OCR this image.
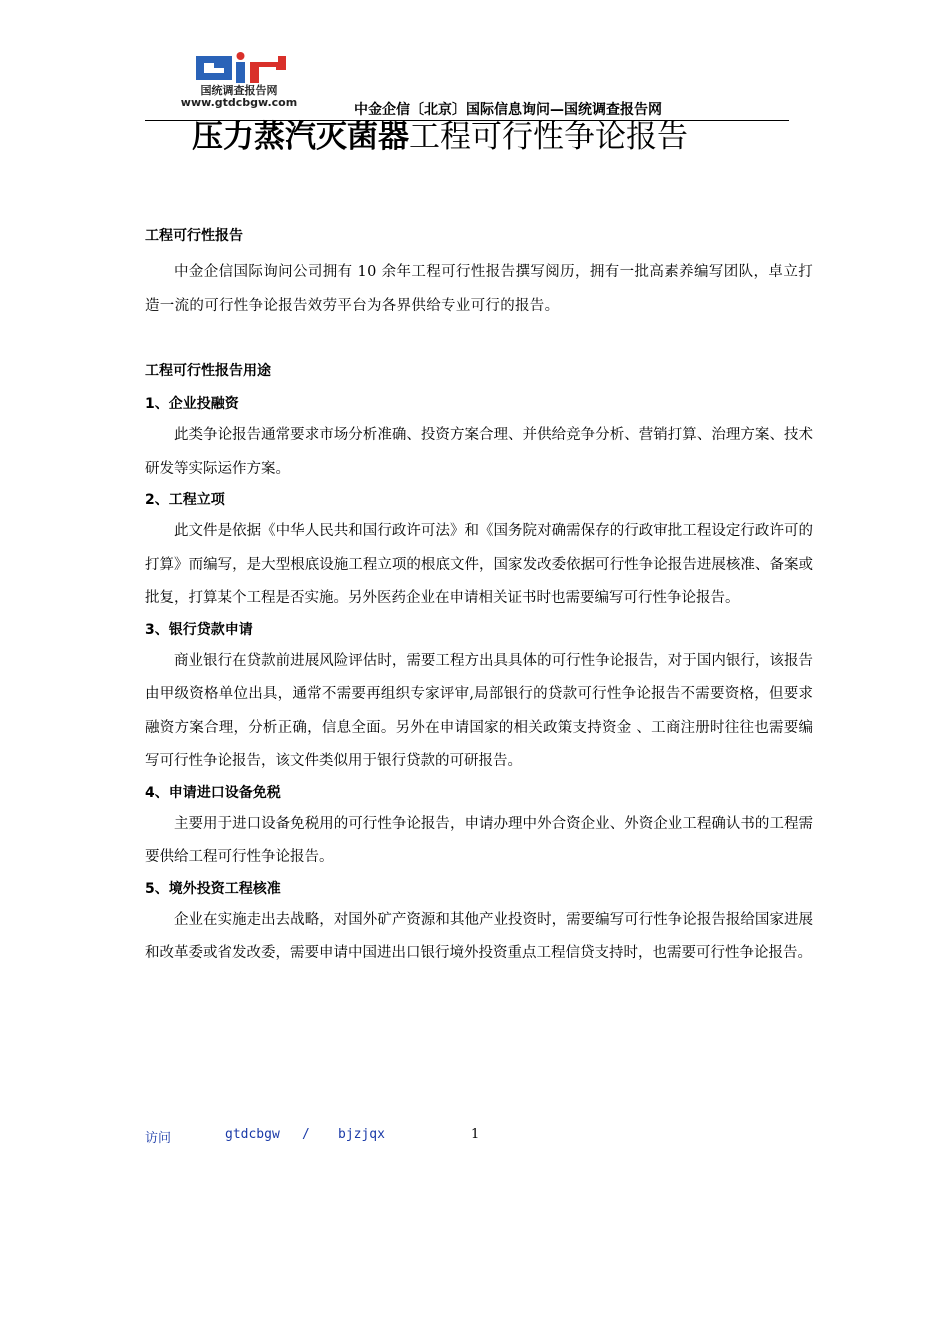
国统调查报告网
www.gtdcbgw.com	中金企信〔北京〕国际信息询问—国统调查报告网
压力蒸汽灭菌器工程可行性争论报告

工程可行性报告

中金企信国际询问公司拥有 10 余年工程可行性报告撰写阅历，拥有一批高素养编写团队，卓立打造一流的可行性争论报告效劳平台为各界供给专业可行的报告。

工程可行性报告用途

1、企业投融资

此类争论报告通常要求市场分析准确、投资方案合理、并供给竞争分析、营销打算、治理方案、技术研发等实际运作方案。

2、工程立项

此文件是依据《中华人民共和国行政许可法》和《国务院对确需保存的行政审批工程设定行政许可的打算》而编写，是大型根底设施工程立项的根底文件，国家发改委依据可行性争论报告进展核准、备案或批复，打算某个工程是否实施。另外医药企业在申请相关证书时也需要编写可行性争论报告。

3、银行贷款申请

商业银行在贷款前进展风险评估时，需要工程方出具具体的可行性争论报告，对于国内银行，该报告由甲级资格单位出具，通常不需要再组织专家评审,局部银行的贷款可行性争论报告不需要资格，但要求融资方案合理，分析正确，信息全面。另外在申请国家的相关政策支持资金 、工商注册时往往也需要编写可行性争论报告，该文件类似用于银行贷款的可研报告。

4、申请进口设备免税

主要用于进口设备免税用的可行性争论报告，申请办理中外合资企业、外资企业工程确认书的工程需要供给工程可行性争论报告。

5、境外投资工程核准

企业在实施走出去战略，对国外矿产资源和其他产业投资时，需要编写可行性争论报告报给国家进展和改革委或省发改委，需要申请中国进出口银行境外投资重点工程信贷支持时，也需要可行性争论报告。

访问	gtdcbgw / bjzjqx	1
